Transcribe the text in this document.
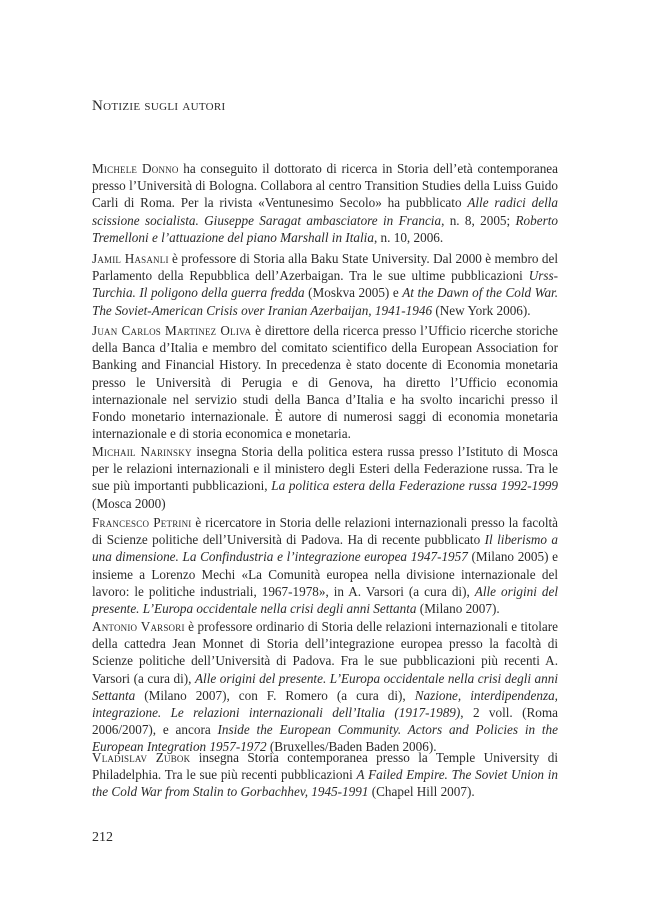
Notizie sugli autori

Michele Donno ha conseguito il dottorato di ricerca in Storia dell’età contemporanea presso l’Università di Bologna. Collabora al centro Transition Studies della Luiss Guido Carli di Roma. Per la rivista «Ventunesimo Secolo» ha pubblicato Alle radici della scissione socialista. Giuseppe Saragat ambasciatore in Francia, n. 8, 2005; Roberto Tremelloni e l’attuazione del piano Marshall in Italia, n. 10, 2006.

Jamil Hasanli è professore di Storia alla Baku State University. Dal 2000 è membro del Parlamento della Repubblica dell’Azerbaigan. Tra le sue ultime pubblicazioni Urss-Turchia. Il poligono della guerra fredda (Moskva 2005) e At the Dawn of the Cold War. The Soviet-American Crisis over Iranian Azerbaijan, 1941-1946 (New York 2006).

Juan Carlos Martinez Oliva è direttore della ricerca presso l’Ufficio ricerche storiche della Banca d’Italia e membro del comitato scientifico della European Association for Banking and Financial History. In precedenza è stato docente di Economia monetaria presso le Università di Perugia e di Genova, ha diretto l’Ufficio economia internazionale nel servizio studi della Banca d’Italia e ha svolto incarichi presso il Fondo monetario internazionale. È autore di numerosi saggi di economia monetaria internazionale e di storia economica e monetaria.

Michail Narinsky insegna Storia della politica estera russa presso l’Istituto di Mosca per le relazioni internazionali e il ministero degli Esteri della Federazione russa. Tra le sue più importanti pubblicazioni, La politica estera della Federazione russa 1992-1999 (Mosca 2000)

Francesco Petrini è ricercatore in Storia delle relazioni internazionali presso la facoltà di Scienze politiche dell’Università di Padova. Ha di recente pubblicato Il liberismo a una dimensione. La Confindustria e l’integrazione europea 1947-1957 (Milano 2005) e insieme a Lorenzo Mechi «La Comunità europea nella divisione internazionale del lavoro: le politiche industriali, 1967-1978», in A. Varsori (a cura di), Alle origini del presente. L’Europa occidentale nella crisi degli anni Settanta (Milano 2007).

Antonio Varsori è professore ordinario di Storia delle relazioni internazionali e titolare della cattedra Jean Monnet di Storia dell’integrazione europea presso la facoltà di Scienze politiche dell’Università di Padova. Fra le sue pubblicazioni più recenti A. Varsori (a cura di), Alle origini del presente. L’Europa occidentale nella crisi degli anni Settanta (Milano 2007), con F. Romero (a cura di), Nazione, interdipendenza, integrazione. Le relazioni internazionali dell’Italia (1917-1989), 2 voll. (Roma 2006/2007), e ancora Inside the European Community. Actors and Policies in the European Integration 1957-1972 (Bruxelles/Baden Baden 2006).

Vladislav Zubok insegna Storia contemporanea presso la Temple University di Philadelphia. Tra le sue più recenti pubblicazioni A Failed Empire. The Soviet Union in the Cold War from Stalin to Gorbachhev, 1945-1991 (Chapel Hill 2007).

212
